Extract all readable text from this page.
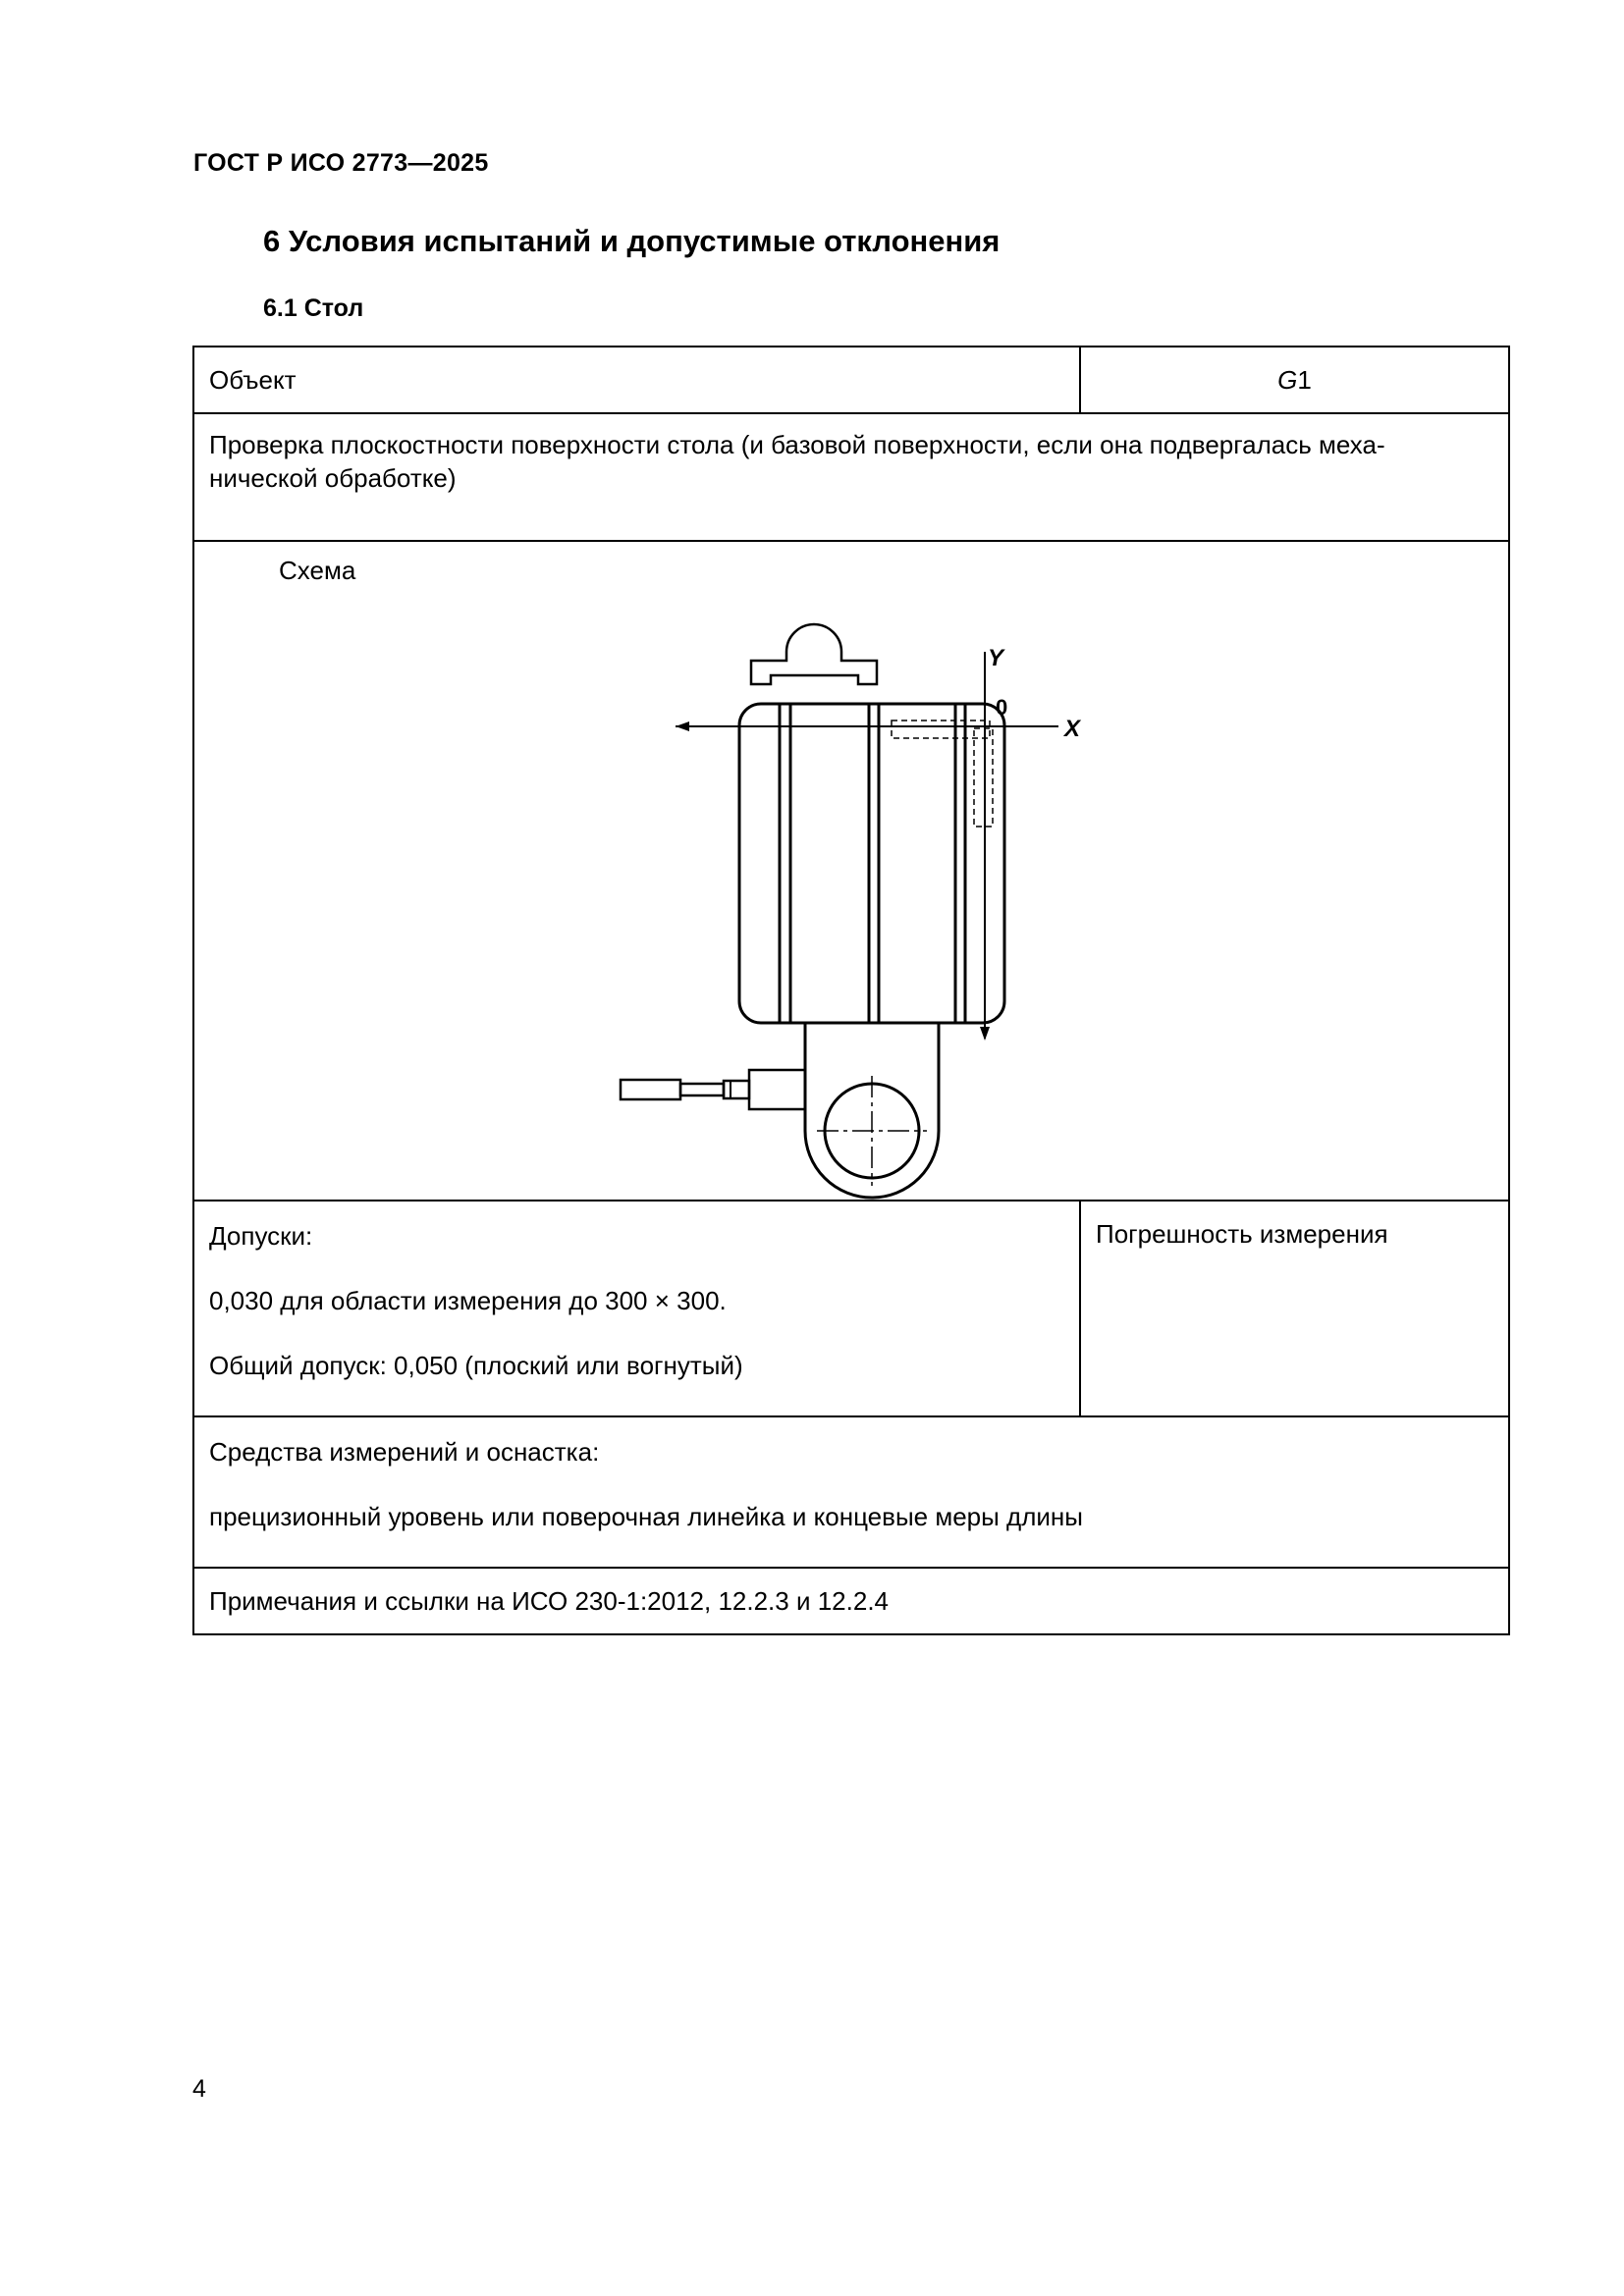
ГОСТ Р ИСО 2773—2025
6 Условия испытаний и допустимые отклонения
6.1 Стол
Объект	G1
Проверка плоскостности поверхности стола (и базовой поверхности, если она подвергалась меха-нической обработке)	

Схема
Y
0
X	

Допуски:

0,030 для области измерения до 300 × 300.

Общий допуск: 0,050 (плоский или вогнутый)	Погрешность измерения

Средства измерений и оснастка:

прецизионный уровень или поверочная линейка и концевые меры длины	

Примечания и ссылки на ИСО 230-1:2012, 12.2.3 и 12.2.4	
4
